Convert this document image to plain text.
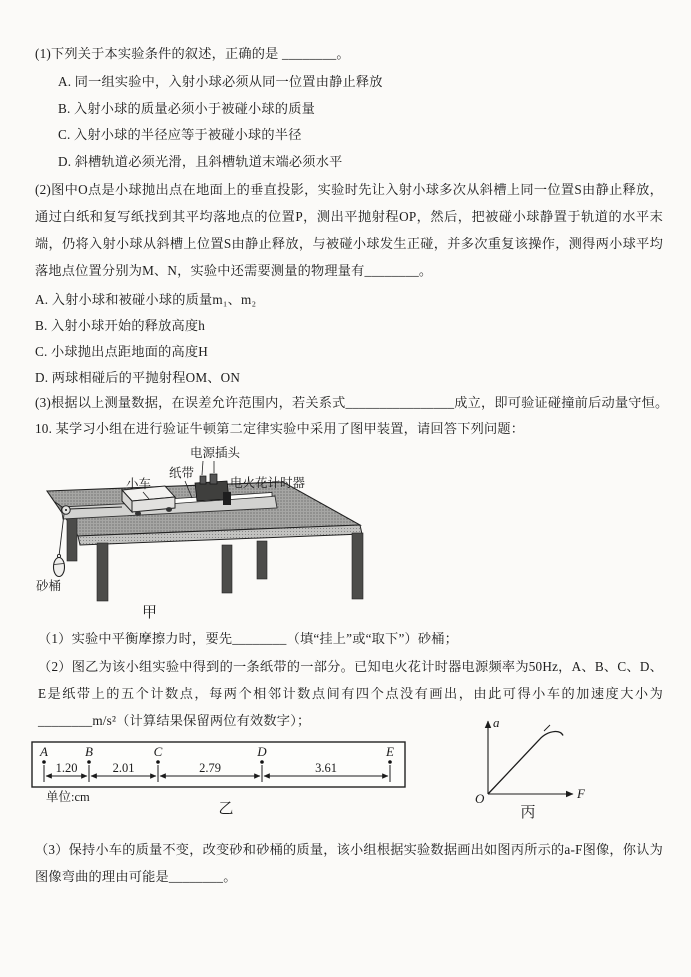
(1)下列关于本实验条件的叙述，正确的是 ________。

A. 同一组实验中，入射小球必须从同一位置由静止释放

B. 入射小球的质量必须小于被碰小球的质量

C. 入射小球的半径应等于被碰小球的半径

D. 斜槽轨道必须光滑，且斜槽轨道末端必须水平

(2)图中O点是小球抛出点在地面上的垂直投影，实验时先让入射小球多次从斜槽上同一位置S由静止释放，通过白纸和复写纸找到其平均落地点的位置P，测出平抛射程OP，然后，把被碰小球静置于轨道的水平末端，仍将入射小球从斜槽上位置S由静止释放，与被碰小球发生正碰，并多次重复该操作，测得两小球平均落地点位置分别为M、N，实验中还需要测量的物理量有________。

A. 入射小球和被碰小球的质量m₁、m₂

B. 入射小球开始的释放高度h

C. 小球抛出点距地面的高度H

D. 两球相碰后的平抛射程OM、ON

(3)根据以上测量数据，在误差允许范围内，若关系式________________成立，即可验证碰撞前后动量守恒。

10. 某学习小组在进行验证牛顿第二定律实验中采用了图甲装置，请回答下列问题：

小车
纸带
电源插头
电火花计时器
砂桶
甲

（1）实验中平衡摩擦力时，要先________（填“挂上”或“取下”）砂桶；

（2）图乙为该小组实验中得到的一条纸带的一部分。已知电火花计时器电源频率为50Hz，A、B、C、D、E是纸带上的五个计数点，每两个相邻计数点间有四个点没有画出，由此可得小车的加速度大小为________m/s²（计算结果保留两位有效数字）；

A	B	C	D	E
1.20	2.01	2.79	3.61
单位:cm
乙
a
F
O
丙

（3）保持小车的质量不变，改变砂和砂桶的质量，该小组根据实验数据画出如图丙所示的a-F图像，你认为图像弯曲的理由可能是________。
